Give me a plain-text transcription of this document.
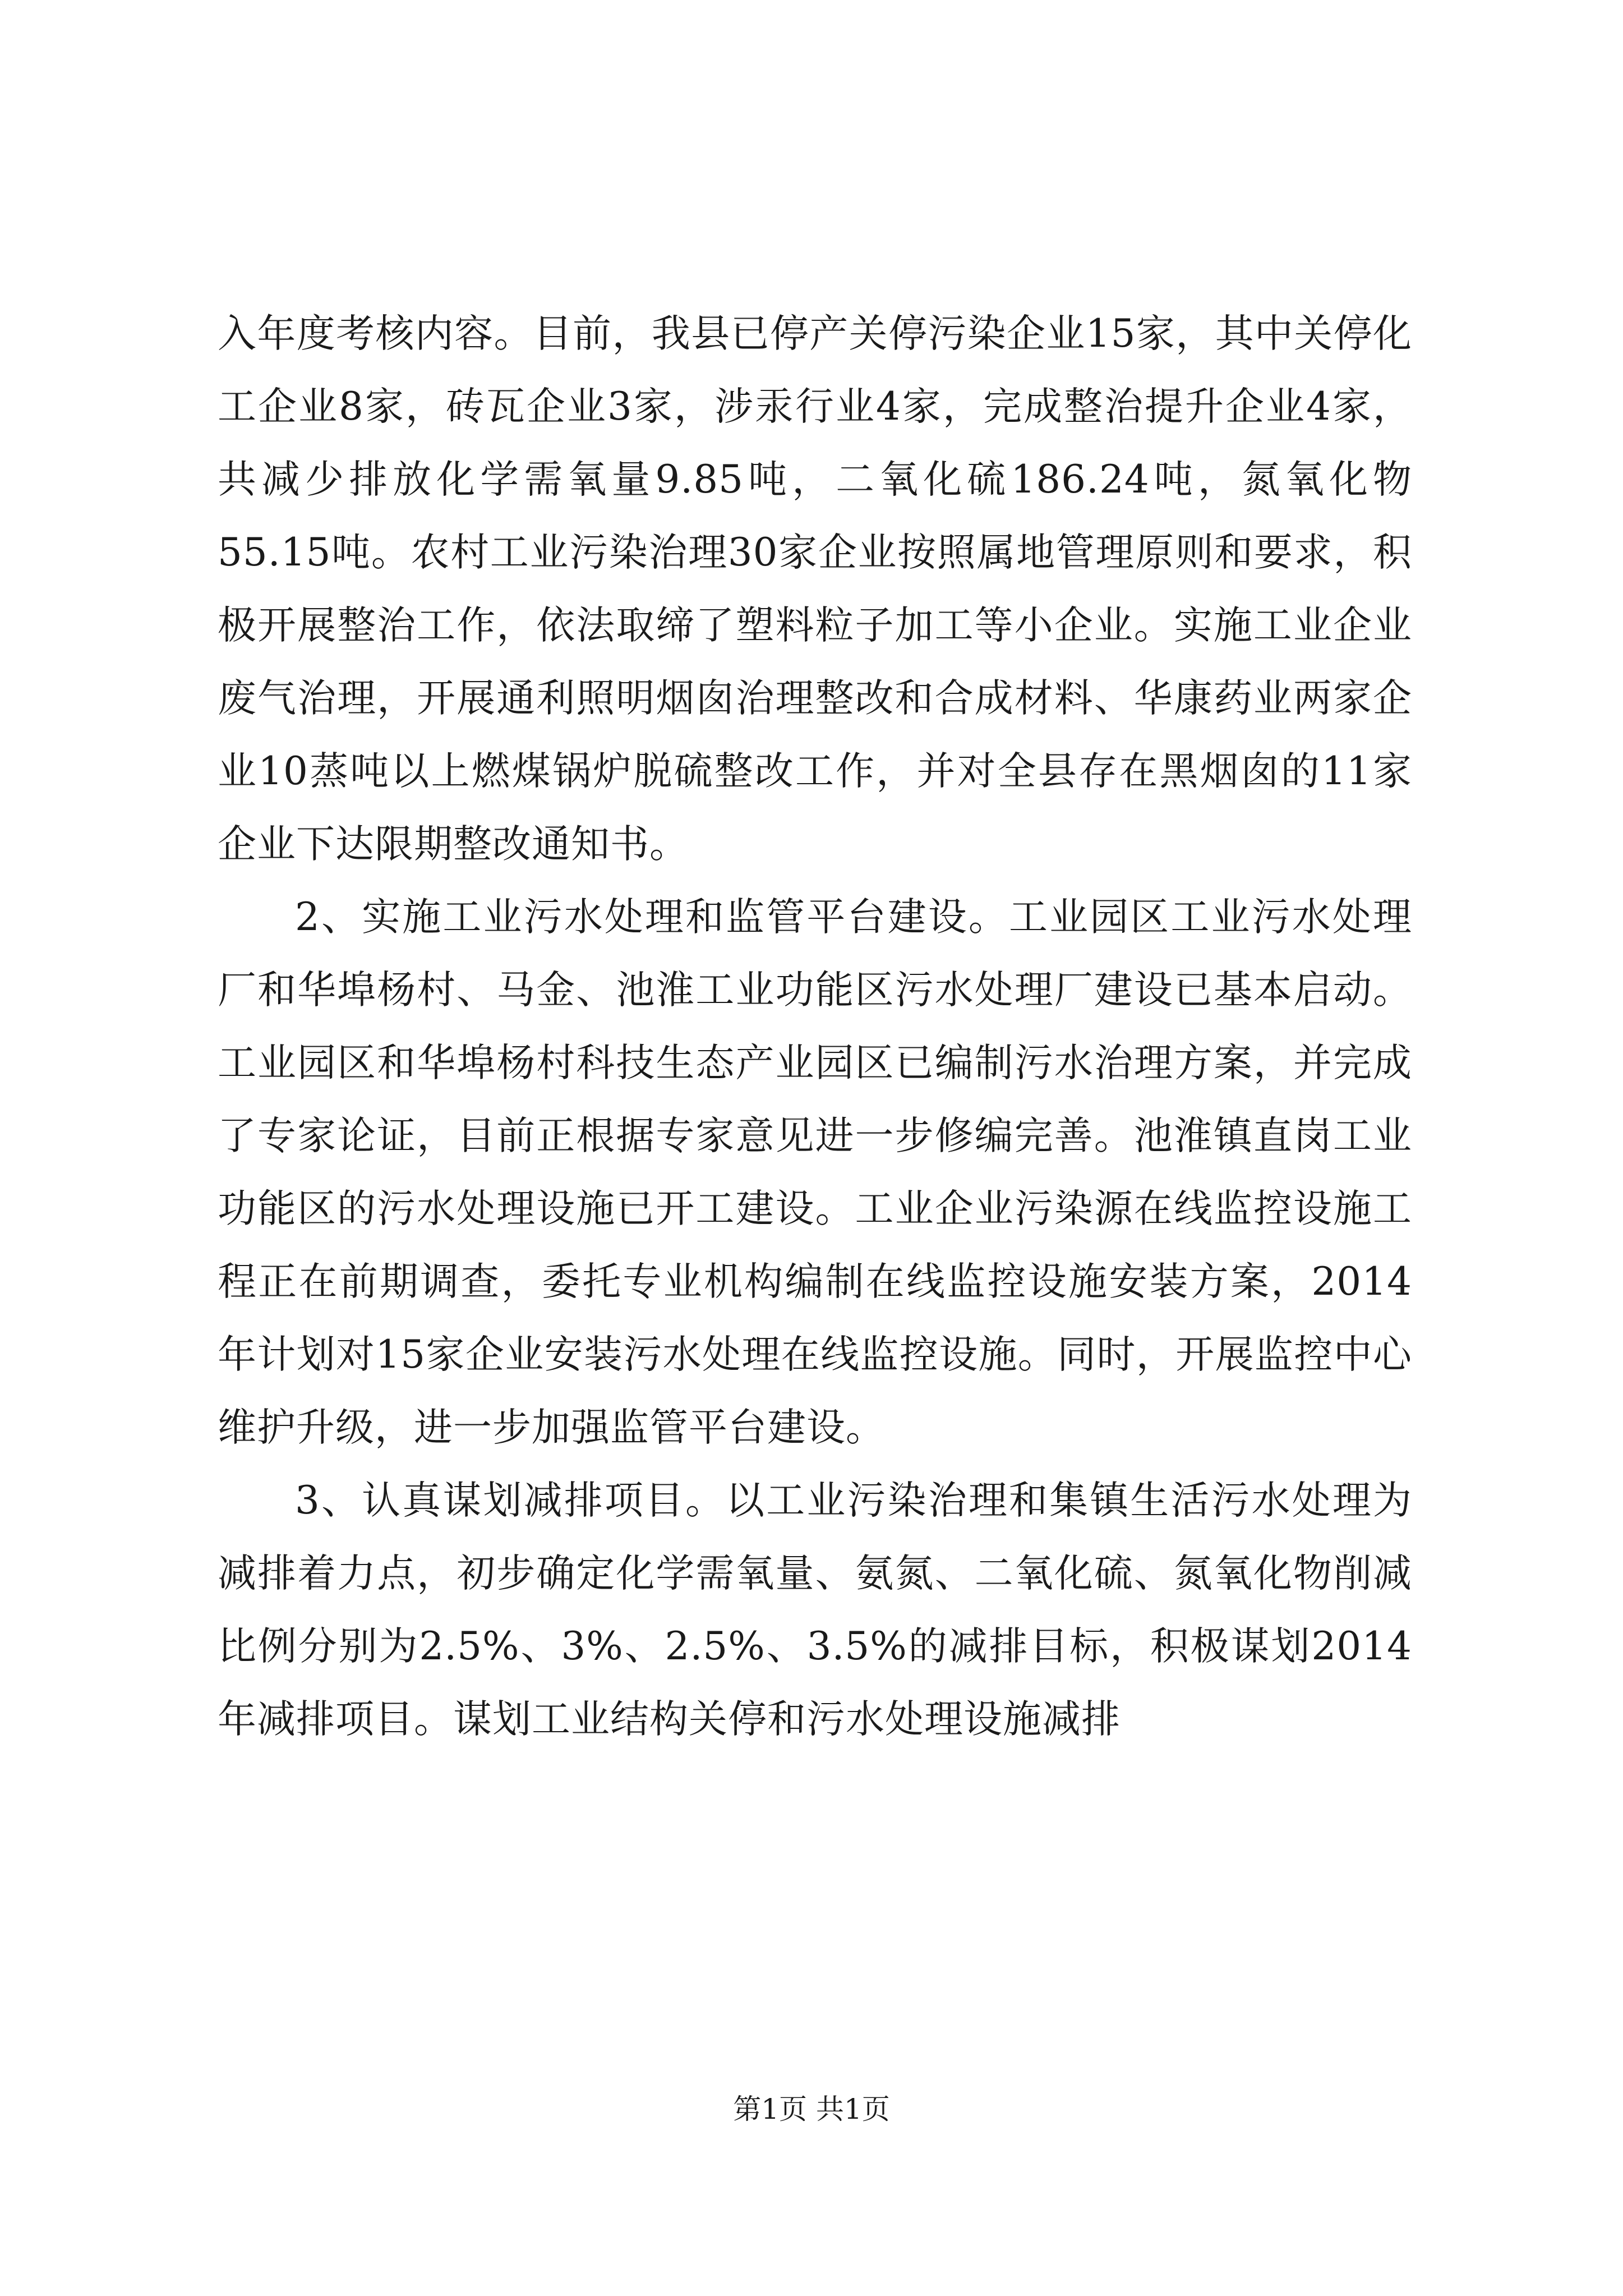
入年度考核内容。目前，我县已停产关停污染企业15家，其中关停化工企业8家，砖瓦企业3家，涉汞行业4家，完成整治提升企业4家，共减少排放化学需氧量9.85吨，二氧化硫186.24吨，氮氧化物55.15吨。农村工业污染治理30家企业按照属地管理原则和要求，积极开展整治工作，依法取缔了塑料粒子加工等小企业。实施工业企业废气治理，开展通利照明烟囱治理整改和合成材料、华康药业两家企业10蒸吨以上燃煤锅炉脱硫整改工作，并对全县存在黑烟囱的11家企业下达限期整改通知书。

2、实施工业污水处理和监管平台建设。工业园区工业污水处理厂和华埠杨村、马金、池淮工业功能区污水处理厂建设已基本启动。工业园区和华埠杨村科技生态产业园区已编制污水治理方案，并完成了专家论证，目前正根据专家意见进一步修编完善。池淮镇直岗工业功能区的污水处理设施已开工建设。工业企业污染源在线监控设施工程正在前期调查，委托专业机构编制在线监控设施安装方案，2014年计划对15家企业安装污水处理在线监控设施。同时，开展监控中心维护升级，进一步加强监管平台建设。

3、认真谋划减排项目。以工业污染治理和集镇生活污水处理为减排着力点，初步确定化学需氧量、氨氮、二氧化硫、氮氧化物削减比例分别为2.5%、3%、2.5%、3.5%的减排目标，积极谋划2014年减排项目。谋划工业结构关停和污水处理设施减排

第1页 共1页
